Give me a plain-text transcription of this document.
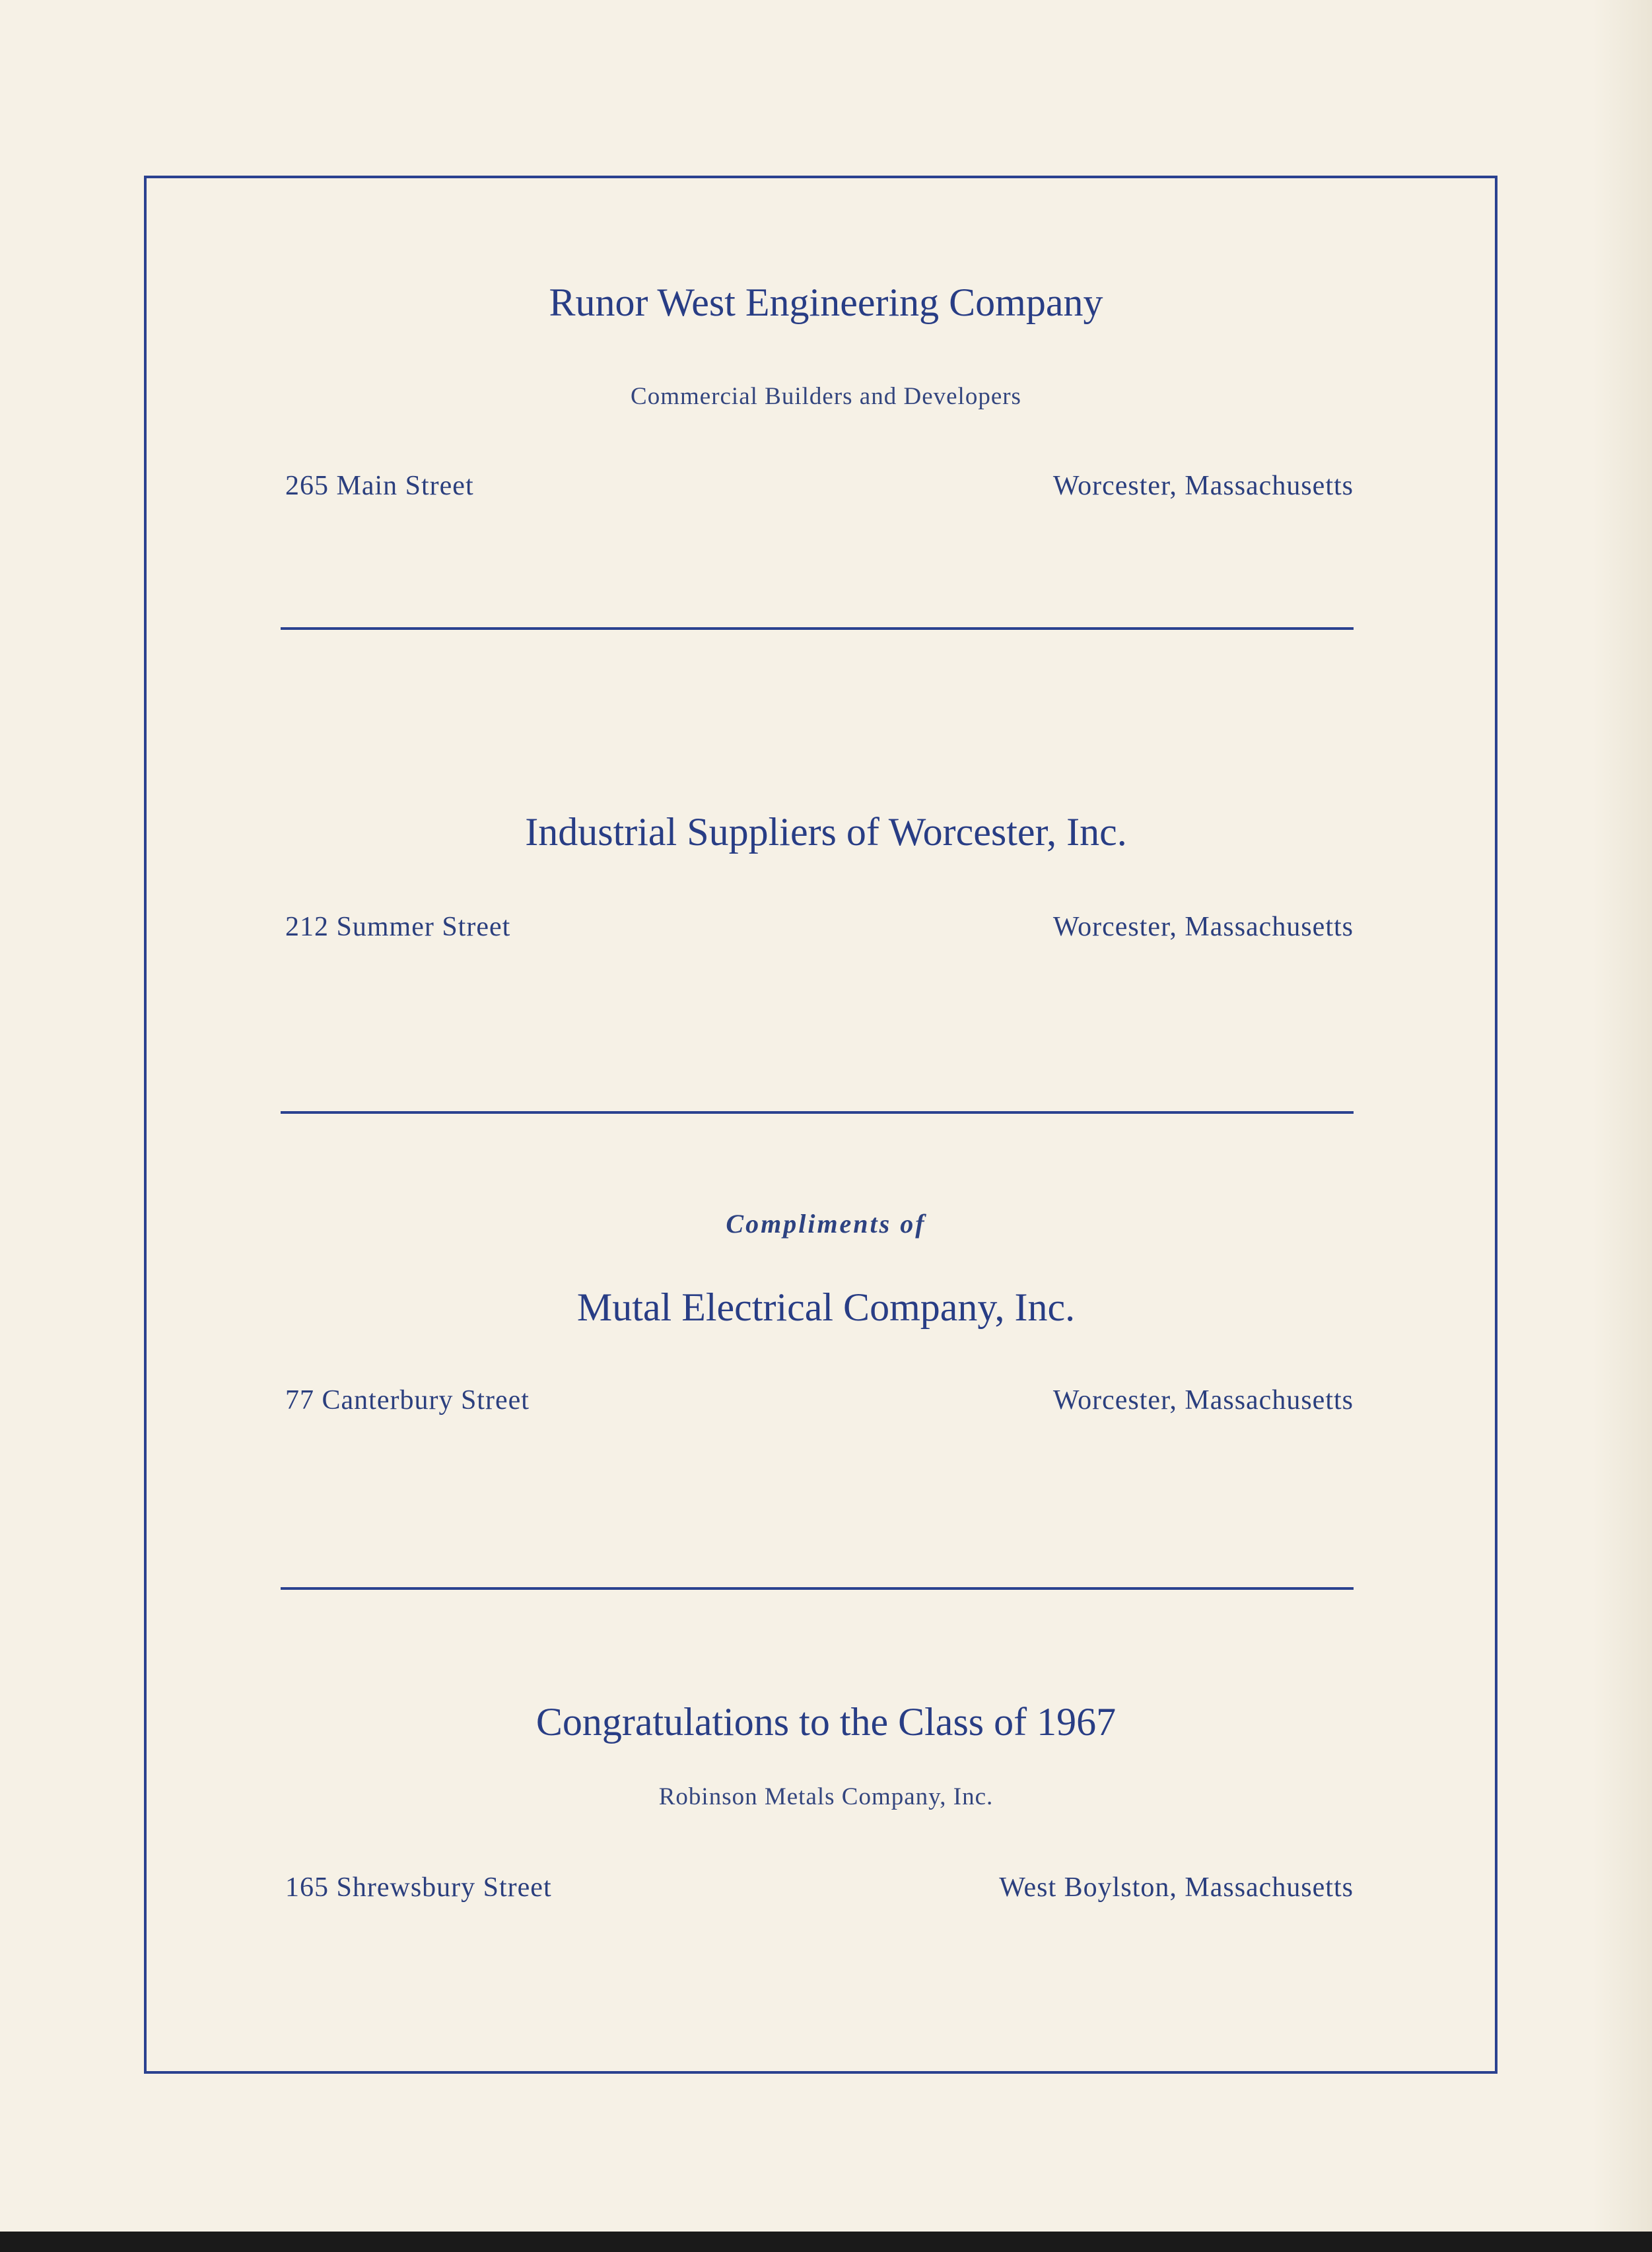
Runor West Engineering Company
Commercial Builders and Developers
265 Main Street	Worcester, Massachusetts
Industrial Suppliers of Worcester, Inc.
212 Summer Street	Worcester, Massachusetts
Compliments of
Mutal Electrical Company, Inc.
77 Canterbury Street	Worcester, Massachusetts
Congratulations to the Class of 1967
Robinson Metals Company, Inc.
165 Shrewsbury Street	West Boylston, Massachusetts
